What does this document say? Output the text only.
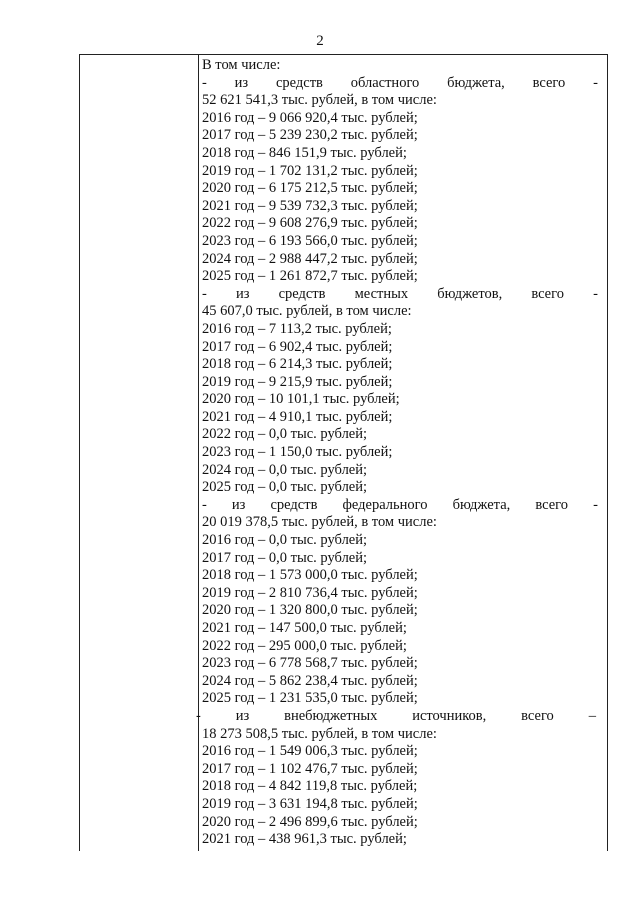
2
В том числе:
- из средств областного бюджета, всего -
52 621 541,3 тыс. рублей, в том числе:
2016 год – 9 066 920,4 тыс. рублей;
2017 год – 5 239 230,2 тыс. рублей;
2018 год – 846 151,9 тыс. рублей;
2019 год – 1 702 131,2 тыс. рублей;
2020 год – 6 175 212,5 тыс. рублей;
2021 год – 9 539 732,3 тыс. рублей;
2022 год – 9 608 276,9 тыс. рублей;
2023 год – 6 193 566,0 тыс. рублей;
2024 год – 2 988 447,2 тыс. рублей;
2025 год – 1 261 872,7 тыс. рублей;
- из средств местных бюджетов, всего -
45 607,0 тыс. рублей, в том числе:
2016 год – 7 113,2 тыс. рублей;
2017 год – 6 902,4 тыс. рублей;
2018 год – 6 214,3 тыс. рублей;
2019 год – 9 215,9 тыс. рублей;
2020 год – 10 101,1 тыс. рублей;
2021 год – 4 910,1 тыс. рублей;
2022 год – 0,0 тыс. рублей;
2023 год – 1 150,0 тыс. рублей;
2024 год – 0,0 тыс. рублей;
2025 год – 0,0 тыс. рублей;
- из средств федерального бюджета, всего -
20 019 378,5 тыс. рублей, в том числе:
2016 год – 0,0 тыс. рублей;
2017 год – 0,0 тыс. рублей;
2018 год – 1 573 000,0 тыс. рублей;
2019 год – 2 810 736,4 тыс. рублей;
2020 год – 1 320 800,0 тыс. рублей;
2021 год – 147 500,0 тыс. рублей;
2022 год – 295 000,0 тыс. рублей;
2023 год – 6 778 568,7 тыс. рублей;
2024 год – 5 862 238,4 тыс. рублей;
2025 год – 1 231 535,0 тыс. рублей;
- из внебюджетных источников, всего –
18 273 508,5 тыс. рублей, в том числе:
2016 год – 1 549 006,3 тыс. рублей;
2017 год – 1 102 476,7 тыс. рублей;
2018 год – 4 842 119,8 тыс. рублей;
2019 год – 3 631 194,8 тыс. рублей;
2020 год – 2 496 899,6 тыс. рублей;
2021 год – 438 961,3 тыс. рублей;
